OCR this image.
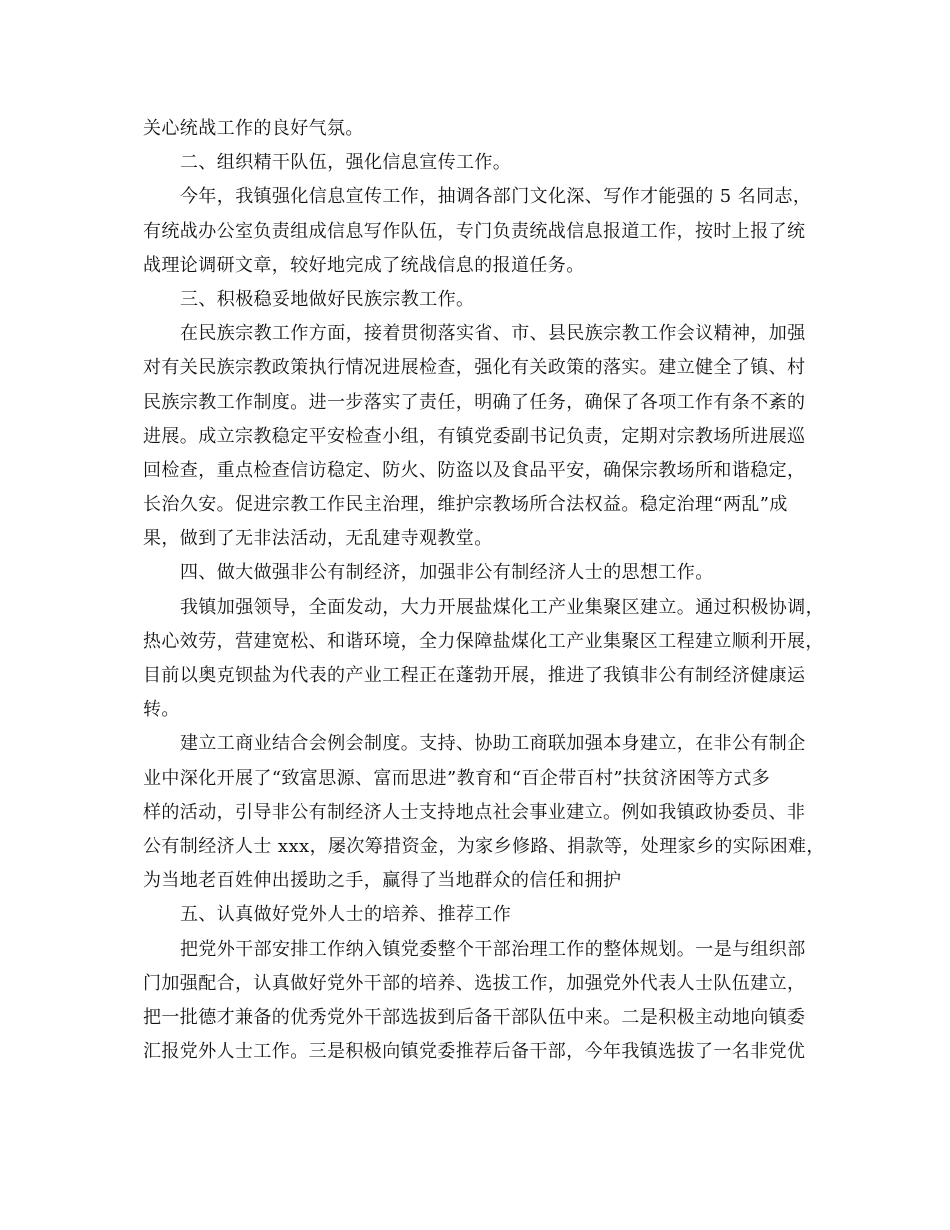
关心统战工作的良好气氛。
二、组织精干队伍，强化信息宣传工作。
今年，我镇强化信息宣传工作，抽调各部门文化深、写作才能强的 5 名同志，
有统战办公室负责组成信息写作队伍，专门负责统战信息报道工作，按时上报了统
战理论调研文章，较好地完成了统战信息的报道任务。
三、积极稳妥地做好民族宗教工作。
在民族宗教工作方面，接着贯彻落实省、市、县民族宗教工作会议精神，加强
对有关民族宗教政策执行情况进展检查，强化有关政策的落实。建立健全了镇、村
民族宗教工作制度。进一步落实了责任，明确了任务，确保了各项工作有条不紊的
进展。成立宗教稳定平安检查小组，有镇党委副书记负责，定期对宗教场所进展巡
回检查，重点检查信访稳定、防火、防盗以及食品平安，确保宗教场所和谐稳定，
长治久安。促进宗教工作民主治理，维护宗教场所合法权益。稳定治理“两乱”成
果，做到了无非法活动，无乱建寺观教堂。
四、做大做强非公有制经济，加强非公有制经济人士的思想工作。
我镇加强领导，全面发动，大力开展盐煤化工产业集聚区建立。通过积极协调，
热心效劳，营建宽松、和谐环境，全力保障盐煤化工产业集聚区工程建立顺利开展，
目前以奥克钡盐为代表的产业工程正在蓬勃开展，推进了我镇非公有制经济健康运
转。
建立工商业结合会例会制度。支持、协助工商联加强本身建立，在非公有制企
业中深化开展了“致富思源、富而思进”教育和“百企带百村”扶贫济困等方式多
样的活动，引导非公有制经济人士支持地点社会事业建立。例如我镇政协委员、非
公有制经济人士 xxx，屡次筹措资金，为家乡修路、捐款等，处理家乡的实际困难，
为当地老百姓伸出援助之手，赢得了当地群众的信任和拥护
五、认真做好党外人士的培养、推荐工作
把党外干部安排工作纳入镇党委整个干部治理工作的整体规划。一是与组织部
门加强配合，认真做好党外干部的培养、选拔工作，加强党外代表人士队伍建立，
把一批德才兼备的优秀党外干部选拔到后备干部队伍中来。二是积极主动地向镇委
汇报党外人士工作。三是积极向镇党委推荐后备干部，今年我镇选拔了一名非党优
